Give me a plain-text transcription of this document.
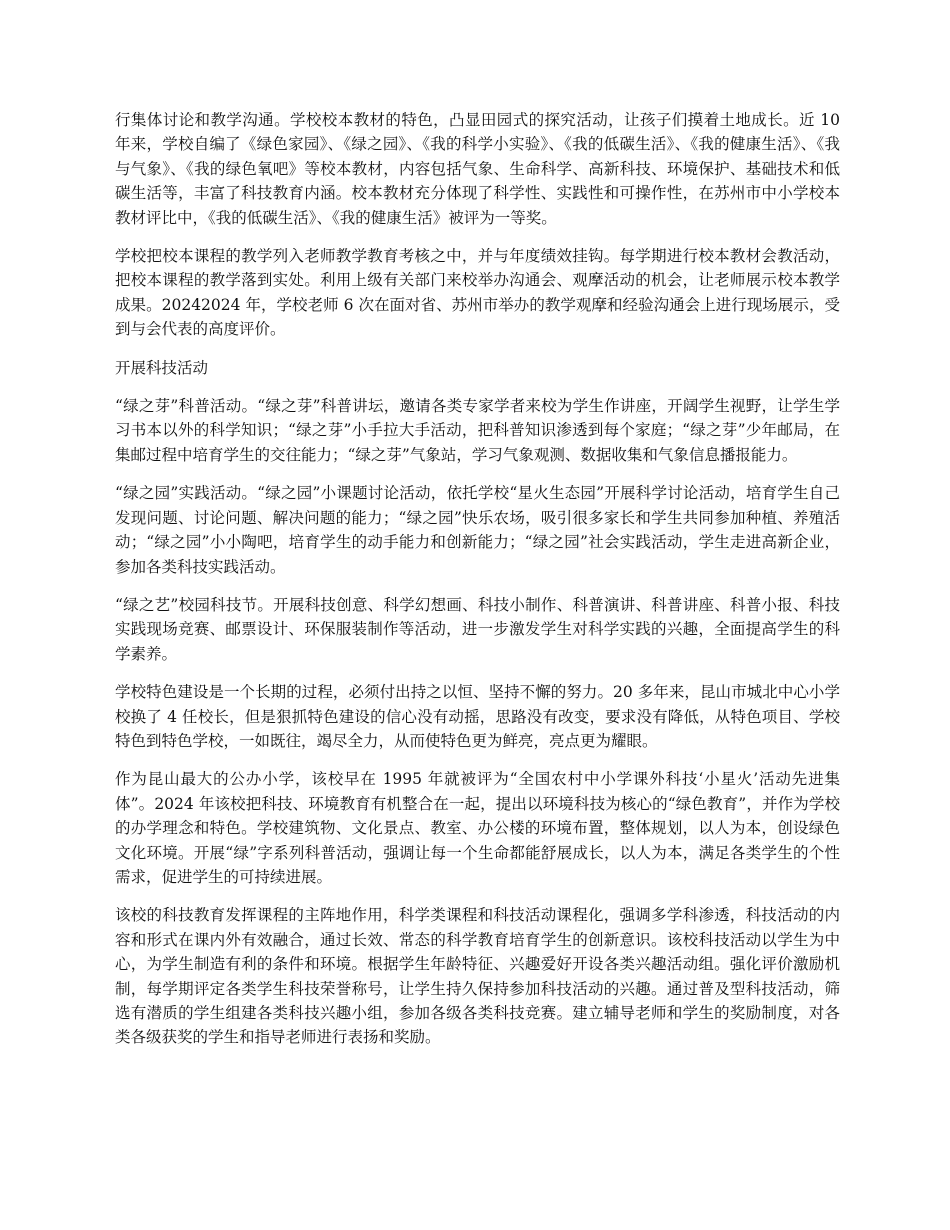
行集体讨论和教学沟通。学校校本教材的特色，凸显田园式的探究活动，让孩子们摸着土地成长。近 10 年来，学校自编了《绿色家园》、《绿之园》、《我的科学小实验》、《我的低碳生活》、《我的健康生活》、《我与气象》、《我的绿色氧吧》等校本教材，内容包括气象、生命科学、高新科技、环境保护、基础技术和低碳生活等，丰富了科技教育内涵。校本教材充分体现了科学性、实践性和可操作性，在苏州市中小学校本教材评比中，《我的低碳生活》、《我的健康生活》被评为一等奖。

学校把校本课程的教学列入老师教学教育考核之中，并与年度绩效挂钩。每学期进行校本教材会教活动，把校本课程的教学落到实处。利用上级有关部门来校举办沟通会、观摩活动的机会，让老师展示校本教学成果。20242024 年，学校老师 6 次在面对省、苏州市举办的教学观摩和经验沟通会上进行现场展示，受到与会代表的高度评价。

开展科技活动

“绿之芽”科普活动。“绿之芽”科普讲坛，邀请各类专家学者来校为学生作讲座，开阔学生视野，让学生学习书本以外的科学知识；“绿之芽”小手拉大手活动，把科普知识渗透到每个家庭；“绿之芽”少年邮局，在集邮过程中培育学生的交往能力；“绿之芽”气象站，学习气象观测、数据收集和气象信息播报能力。

“绿之园”实践活动。“绿之园”小课题讨论活动，依托学校“星火生态园”开展科学讨论活动，培育学生自己发现问题、讨论问题、解决问题的能力；“绿之园”快乐农场，吸引很多家长和学生共同参加种植、养殖活动；“绿之园”小小陶吧，培育学生的动手能力和创新能力；“绿之园”社会实践活动，学生走进高新企业，参加各类科技实践活动。

“绿之艺”校园科技节。开展科技创意、科学幻想画、科技小制作、科普演讲、科普讲座、科普小报、科技实践现场竞赛、邮票设计、环保服装制作等活动，进一步激发学生对科学实践的兴趣，全面提高学生的科学素养。

学校特色建设是一个长期的过程，必须付出持之以恒、坚持不懈的努力。20 多年来，昆山市城北中心小学校换了 4 任校长，但是狠抓特色建设的信心没有动摇，思路没有改变，要求没有降低，从特色项目、学校特色到特色学校，一如既往，竭尽全力，从而使特色更为鲜亮，亮点更为耀眼。

作为昆山最大的公办小学，该校早在 1995 年就被评为“全国农村中小学课外科技‘小星火’活动先进集体”。2024 年该校把科技、环境教育有机整合在一起，提出以环境科技为核心的“绿色教育”，并作为学校的办学理念和特色。学校建筑物、文化景点、教室、办公楼的环境布置，整体规划，以人为本，创设绿色文化环境。开展“绿”字系列科普活动，强调让每一个生命都能舒展成长，以人为本，满足各类学生的个性需求，促进学生的可持续进展。

该校的科技教育发挥课程的主阵地作用，科学类课程和科技活动课程化，强调多学科渗透，科技活动的内容和形式在课内外有效融合，通过长效、常态的科学教育培育学生的创新意识。该校科技活动以学生为中心，为学生制造有利的条件和环境。根据学生年龄特征、兴趣爱好开设各类兴趣活动组。强化评价激励机制，每学期评定各类学生科技荣誉称号，让学生持久保持参加科技活动的兴趣。通过普及型科技活动，筛选有潜质的学生组建各类科技兴趣小组，参加各级各类科技竞赛。建立辅导老师和学生的奖励制度，对各类各级获奖的学生和指导老师进行表扬和奖励。
